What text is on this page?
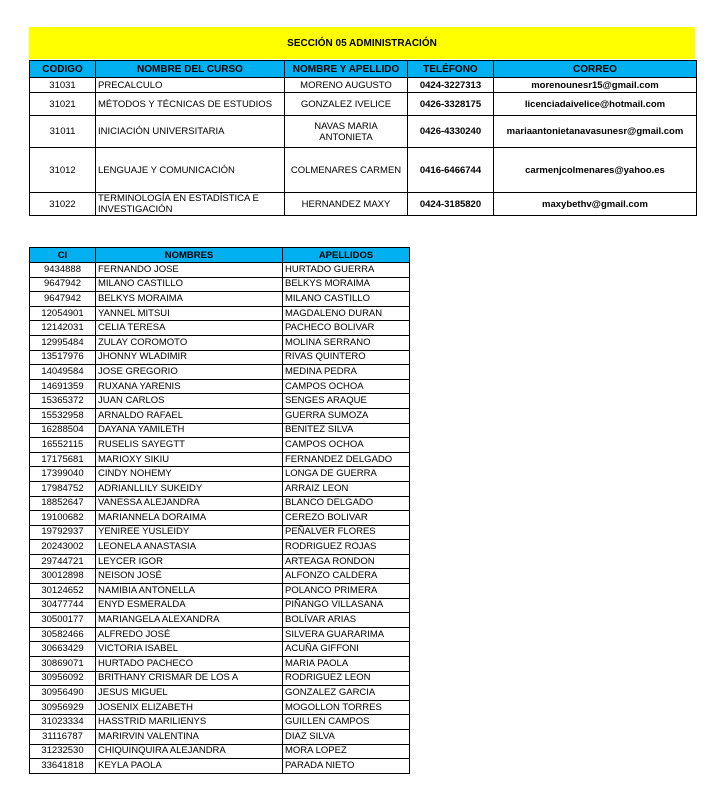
SECCIÓN 05 ADMINISTRACIÓN
CODIGO	NOMBRE DEL CURSO	NOMBRE Y APELLIDO	TELÉFONO	CORREO
31031	PRECALCULO	MORENO AUGUSTO	0424-3227313	morenounesr15@gmail.com
31021	MÉTODOS Y TÉCNICAS DE ESTUDIOS	GONZALEZ IVELICE	0426-3328175	licenciadaivelice@hotmail.com
31011	INICIACIÓN UNIVERSITARIA	NAVAS MARIA ANTONIETA	0426-4330240	mariaantonietanavasunesr@gmail.com
31012	LENGUAJE Y COMUNICACIÓN	COLMENARES CARMEN	0416-6466744	carmenjcolmenares@yahoo.es
31022	TERMINOLOGÍA EN ESTADÍSTICA E INVESTIGACIÓN	HERNANDEZ MAXY	0424-3185820	maxybethv@gmail.com
CI	NOMBRES	APELLIDOS
9434888	FERNANDO JOSE	HURTADO GUERRA
9647942	MILANO CASTILLO	BELKYS MORAIMA
9647942	BELKYS MORAIMA	MILANO CASTILLO
12054901	YANNEL MITSUI	MAGDALENO DURAN
12142031	CELIA TERESA	PACHECO BOLIVAR
12995484	ZULAY COROMOTO	MOLINA SERRANO
13517976	JHONNY WLADIMIR	RIVAS QUINTERO
14049584	JOSE GREGORIO	MEDINA PEDRA
14691359	RUXANA YARENIS	CAMPOS OCHOA
15365372	JUAN CARLOS	SENGES ARAQUE
15532958	ARNALDO RAFAEL	GUERRA SUMOZA
16288504	DAYANA YAMILETH	BENITEZ SILVA
16552115	RUSELIS SAYEGTT	CAMPOS OCHOA
17175681	MARIOXY SIKIU	FERNANDEZ DELGADO
17399040	CINDY NOHEMY	LONGA DE GUERRA
17984752	ADRIANLLILY SUKEIDY	ARRAIZ LEON
18852647	VANESSA ALEJANDRA	BLANCO DELGADO
19100682	MARIANNELA DORAIMA	CEREZO BOLIVAR
19792937	YENIREE YUSLEIDY	PEÑALVER FLORES
20243002	LEONELA ANASTASIA	RODRIGUEZ ROJAS
29744721	LEYCER IGOR	ARTEAGA RONDON
30012898	NEISON JOSÉ	ALFONZO CALDERA
30124652	NAMIBIA ANTONELLA	POLANCO PRIMERA
30477744	ENYD ESMERALDA	PIÑANGO VILLASANA
30500177	MARIANGELA ALEXANDRA	BOLÍVAR ARIAS
30582466	ALFREDO JOSÉ	SILVERA GUARARIMA
30663429	VICTORIA ISABEL	ACUÑA GIFFONI
30869071	HURTADO PACHECO	MARIA PAOLA
30956092	BRITHANY CRISMAR DE LOS A	RODRIGUEZ LEON
30956490	JESUS MIGUEL	GONZALEZ GARCIA
30956929	JOSENIX ELIZABETH	MOGOLLON TORRES
31023334	HASSTRID MARILIENYS	GUILLEN CAMPOS
31116787	MARIRVIN VALENTINA	DIAZ SILVA
31232530	CHIQUINQUIRA ALEJANDRA	MORA LOPEZ
33641818	KEYLA PAOLA	PARADA NIETO
